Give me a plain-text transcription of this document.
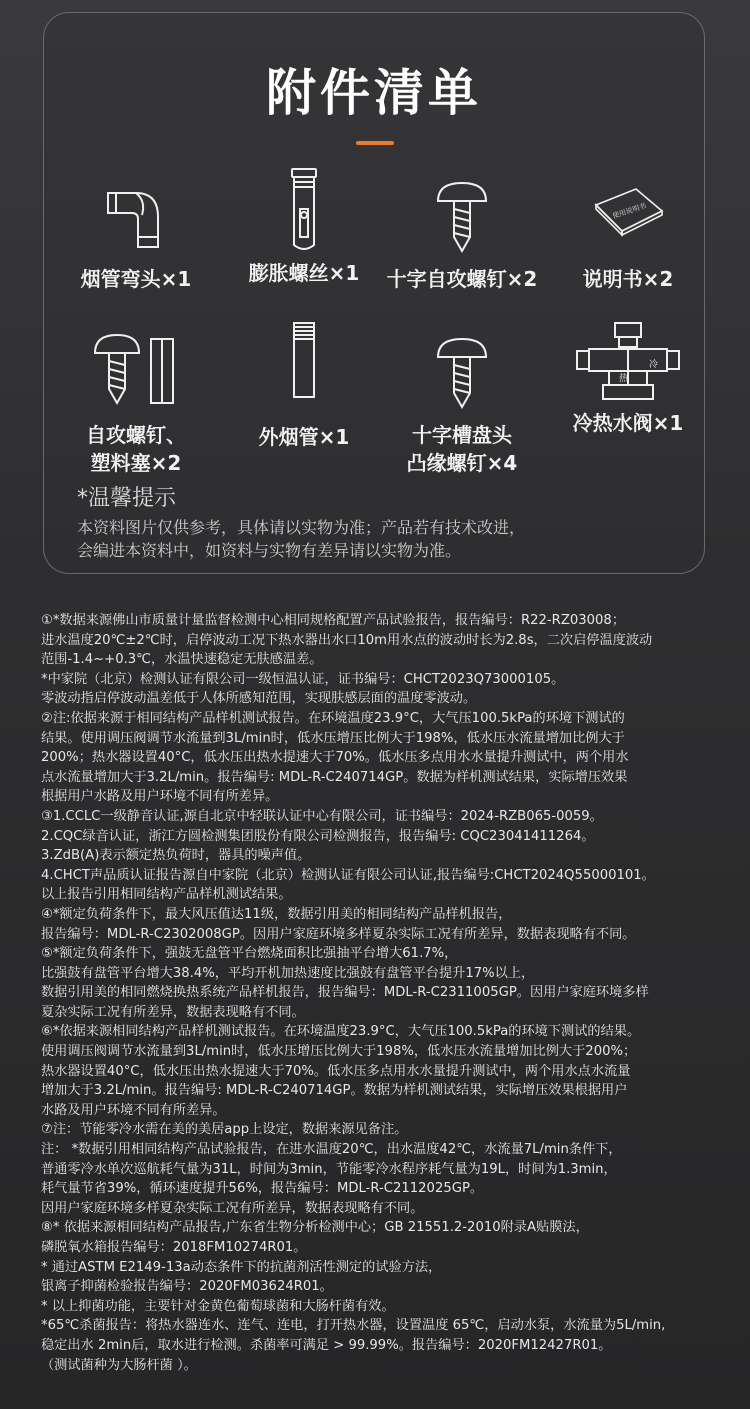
附件清单
烟管弯头×1	膨胀螺丝×1	十字自攻螺钉×2
使用说明书
说明书×2
自攻螺钉、
塑料塞×2
外烟管×1	十字槽盘头
凸缘螺钉×4
冷
热
冷热水阀×1
*温馨提示
本资料图片仅供参考，具体请以实物为准；产品若有技术改进，
会编进本资料中，如资料与实物有差异请以实物为准。
①*数据来源佛山市质量计量监督检测中心相同规格配置产品试验报告，报告编号：R22-RZ03008；
进水温度20℃±2℃时，启停波动工况下热水器出水口10m用水点的波动时长为2.8s，二次启停温度波动
范围-1.4~+0.3℃，水温快速稳定无肤感温差。
*中家院（北京）检测认证有限公司一级恒温认证，证书编号：CHCT2023Q73000105。
零波动指启停波动温差低于人体所感知范围，实现肤感层面的温度零波动。
②注:依据来源于相同结构产品样机测试报告。在环境温度23.9°C，大气压100.5kPa的环境下测试的
结果。使用调压阀调节水流量到3L/min时，低水压增压比例大于198%，低水压水流量增加比例大于
200%；热水器设置40°C，低水压出热水提速大于70%。低水压多点用水水量提升测试中，两个用水
点水流量增加大于3.2L/min。报告编号: MDL-R-C240714GP。数据为样机测试结果，实际增压效果
根据用户水路及用户环境不同有所差异。
③1.CCLC一级静音认证,源自北京中轻联认证中心有限公司，证书编号：2024-RZB065-0059。
2.CQC绿音认证，浙江方圆检测集团股份有限公司检测报告，报告编号: CQC23041411264。
3.ZdB(A)表示额定热负荷时，器具的噪声值。
4.CHCT声品质认证报告源自中家院（北京）检测认证有限公司认证,报告编号:CHCT2024Q55000101。
以上报告引用相同结构产品样机测试结果。
④*额定负荷条件下，最大风压值达11级，数据引用美的相同结构产品样机报告，
报告编号：MDL-R-C2302008GP。因用户家庭环境多样夏杂实际工况有所差异，数据表现略有不同。
⑤*额定负荷条件下，强鼓无盘管平台燃烧面积比强抽平台增大61.7%，
比强鼓有盘管平台增大38.4%，平均开机加热速度比强鼓有盘管平台提升17%以上，
数据引用美的相同燃烧换热系统产品样机报告，报告编号：MDL-R-C2311005GP。因用户家庭环境多样
夏杂实际工况有所差异，数据表现略有不同。
⑥*依据来源相同结构产品样机测试报告。在环境温度23.9°C，大气压100.5kPa的环境下测试的结果。
使用调压阀调节水流量到3L/min时，低水压增压比例大于198%，低水压水流量增加比例大于200%；
热水器设置40°C，低水压出热水提速大于70%。低水压多点用水水量提升测试中，两个用水点水流量
增加大于3.2L/min。报告编号: MDL-R-C240714GP。数据为样机测试结果，实际增压效果根据用户
水路及用户环境不同有所差异。
⑦注：节能零冷水需在美的美居app上设定，数据来源见备注。
注： *数据引用相同结构产品试验报告，在进水温度20℃，出水温度42℃，水流量7L/min条件下，
普通零冷水单次巡航耗气量为31L，时间为3min，节能零冷水程序耗气量为19L，时间为1.3min，
耗气量节省39%，循环速度提升56%，报告编号：MDL-R-C2112025GP。
因用户家庭环境多样夏杂实际工况有所差异，数据表现略有不同。
⑧* 依据来源相同结构产品报告,广东省生物分析检测中心；GB 21551.2-2010附录A贴膜法，
磷脱氧水箱报告编号：2018FM10274R01。
* 通过ASTM E2149-13a动态条件下的抗菌剂活性测定的试验方法，
银离子抑菌检验报告编号：2020FM03624R01。
* 以上抑菌功能，主要针对金黄色葡萄球菌和大肠杆菌有效。
*65℃杀菌报告：将热水器连水、连气、连电，打开热水器，设置温度 65℃，启动水泵，水流量为5L/min,
稳定出水 2min后，取水进行检测。杀菌率可满足 > 99.99%。报告编号：2020FM12427R01。
（测试菌种为大肠杆菌 ）。
